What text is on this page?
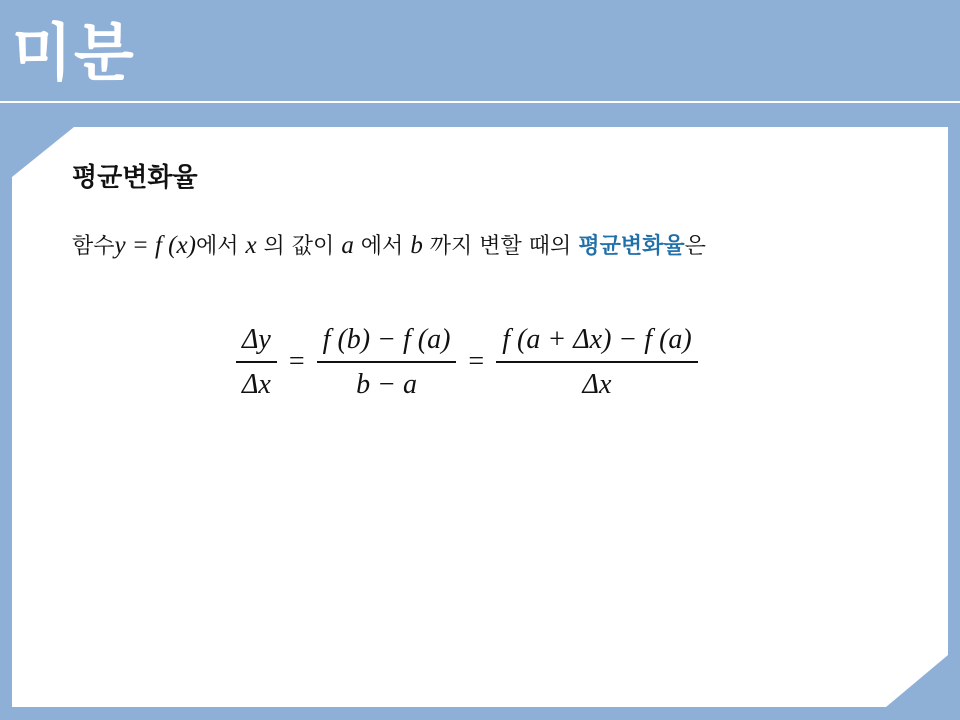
미분
평균변화율
함수y = f (x)에서 x 의 값이 a 에서 b 까지 변할 때의 평균변화율은
$\frac{\Delta y}{\Delta x} = \frac{f (b) - f (a)}{b - a} = \frac{f (a + \Delta x) - f (a)}{\Delta x}$
